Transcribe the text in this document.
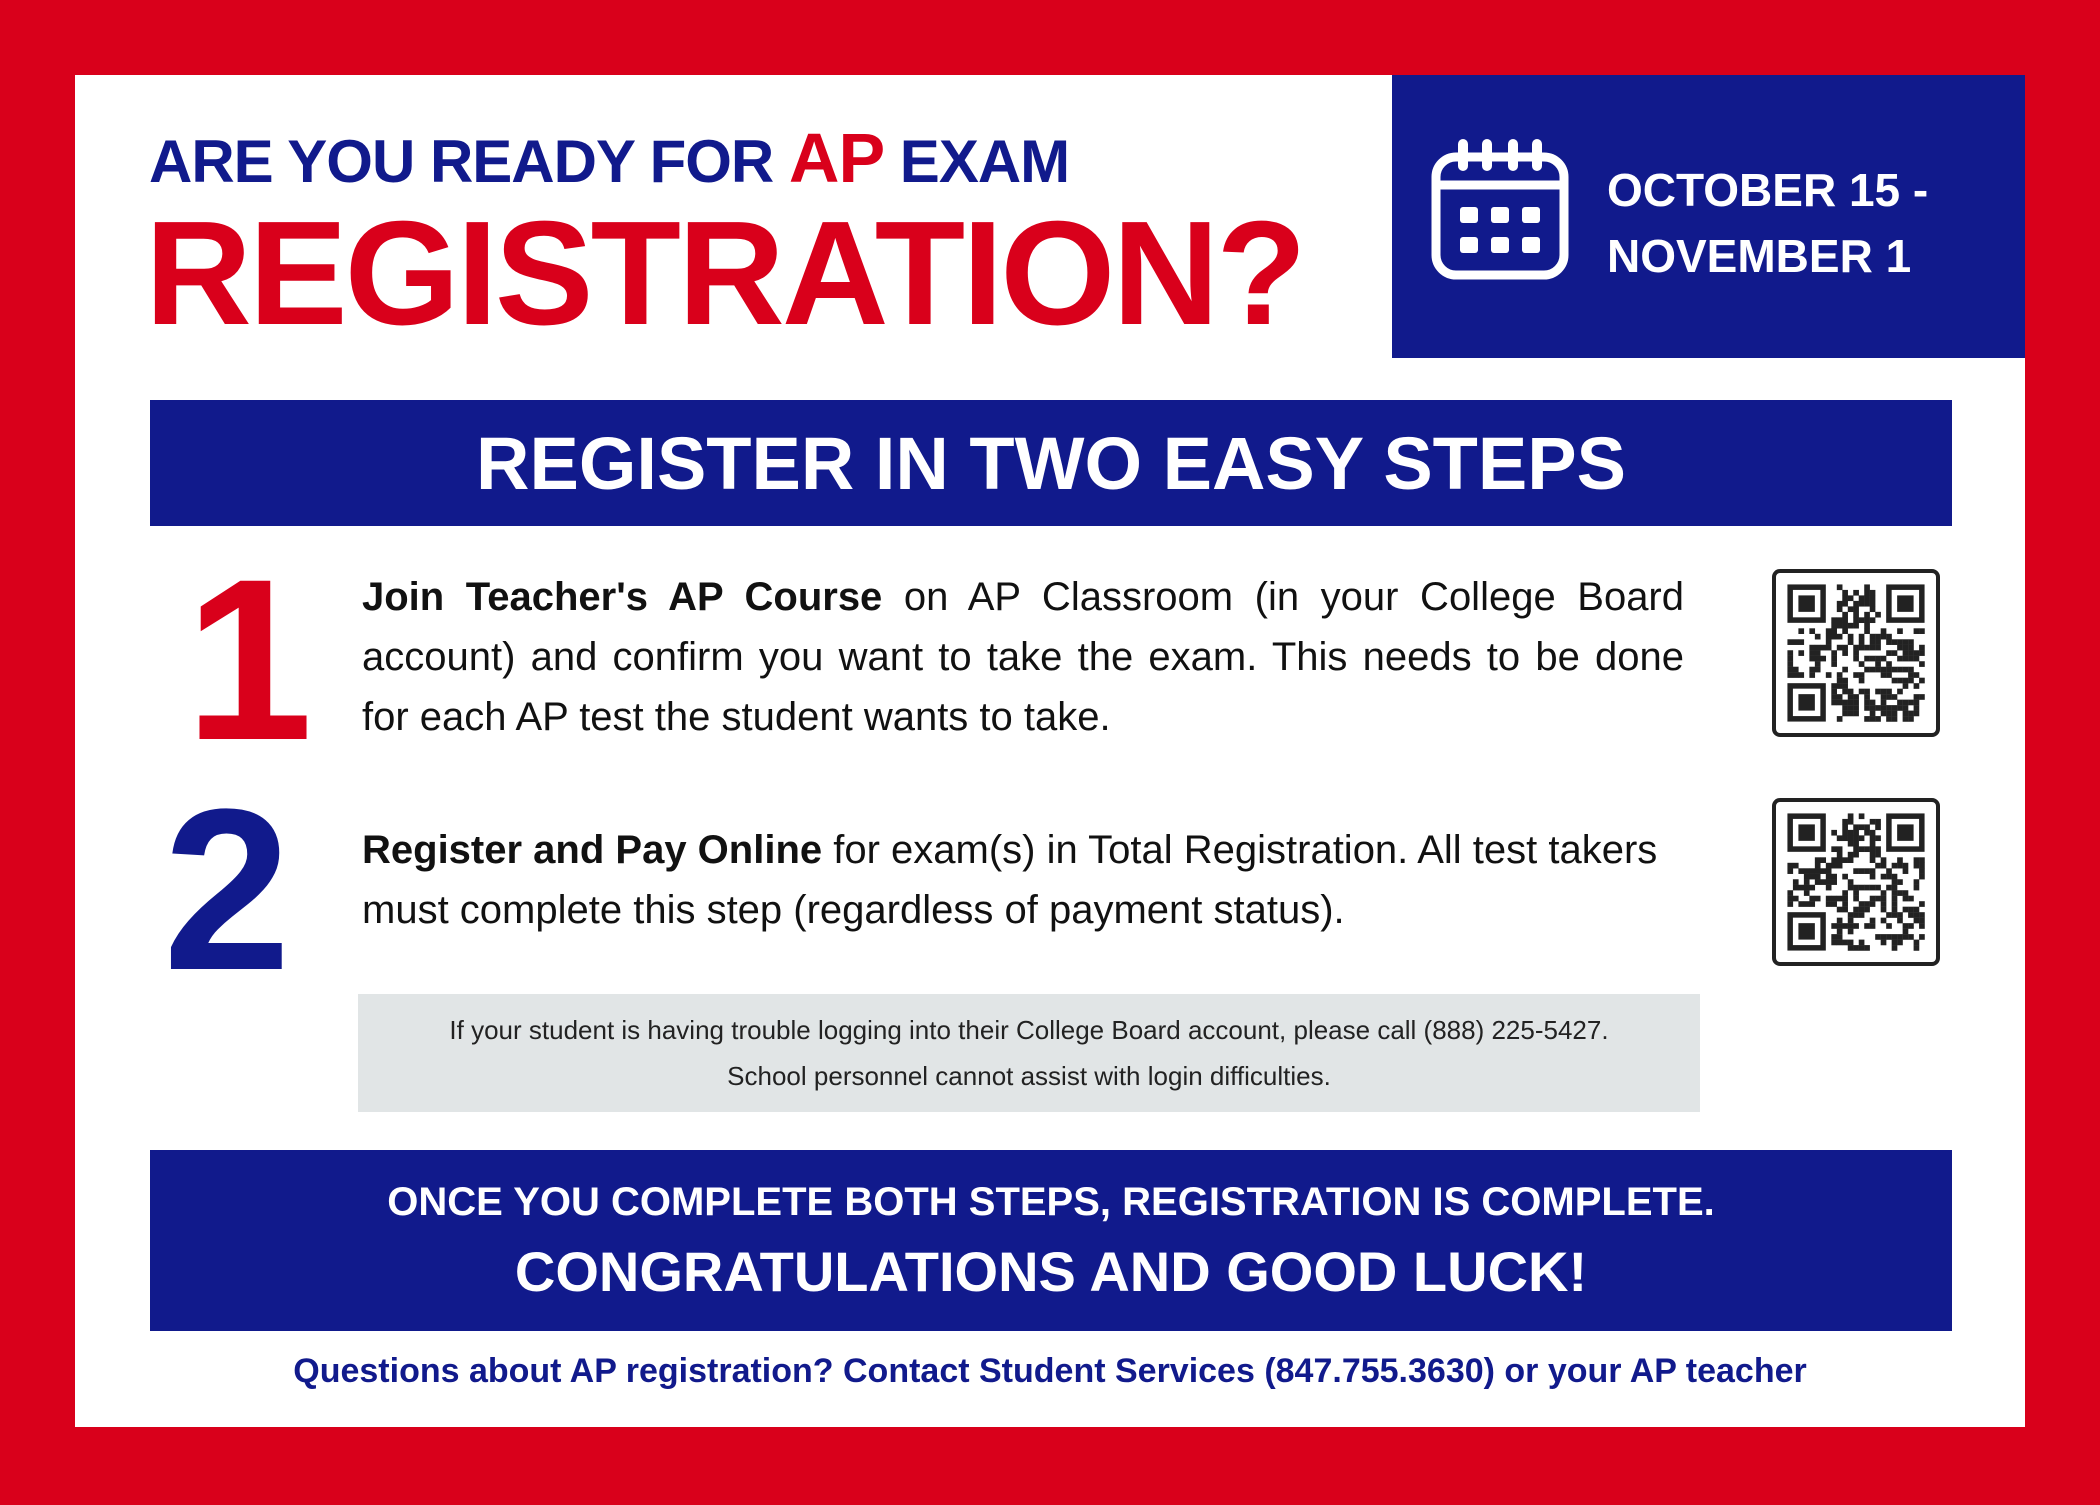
ARE YOU READY FOR AP EXAM
REGISTRATION?
OCTOBER 15 -
NOVEMBER 1
REGISTER IN TWO EASY STEPS
1 Join Teacher's AP Course on AP Classroom (in your College Board account) and confirm you want to take the exam. This needs to be done for each AP test the student wants to take.
2 Register and Pay Online for exam(s) in Total Registration. All test takers must complete this step (regardless of payment status).
If your student is having trouble logging into their College Board account, please call (888) 225-5427.
School personnel cannot assist with login difficulties.
ONCE YOU COMPLETE BOTH STEPS, REGISTRATION IS COMPLETE.
CONGRATULATIONS AND GOOD LUCK!
Questions about AP registration? Contact Student Services (847.755.3630) or your AP teacher
